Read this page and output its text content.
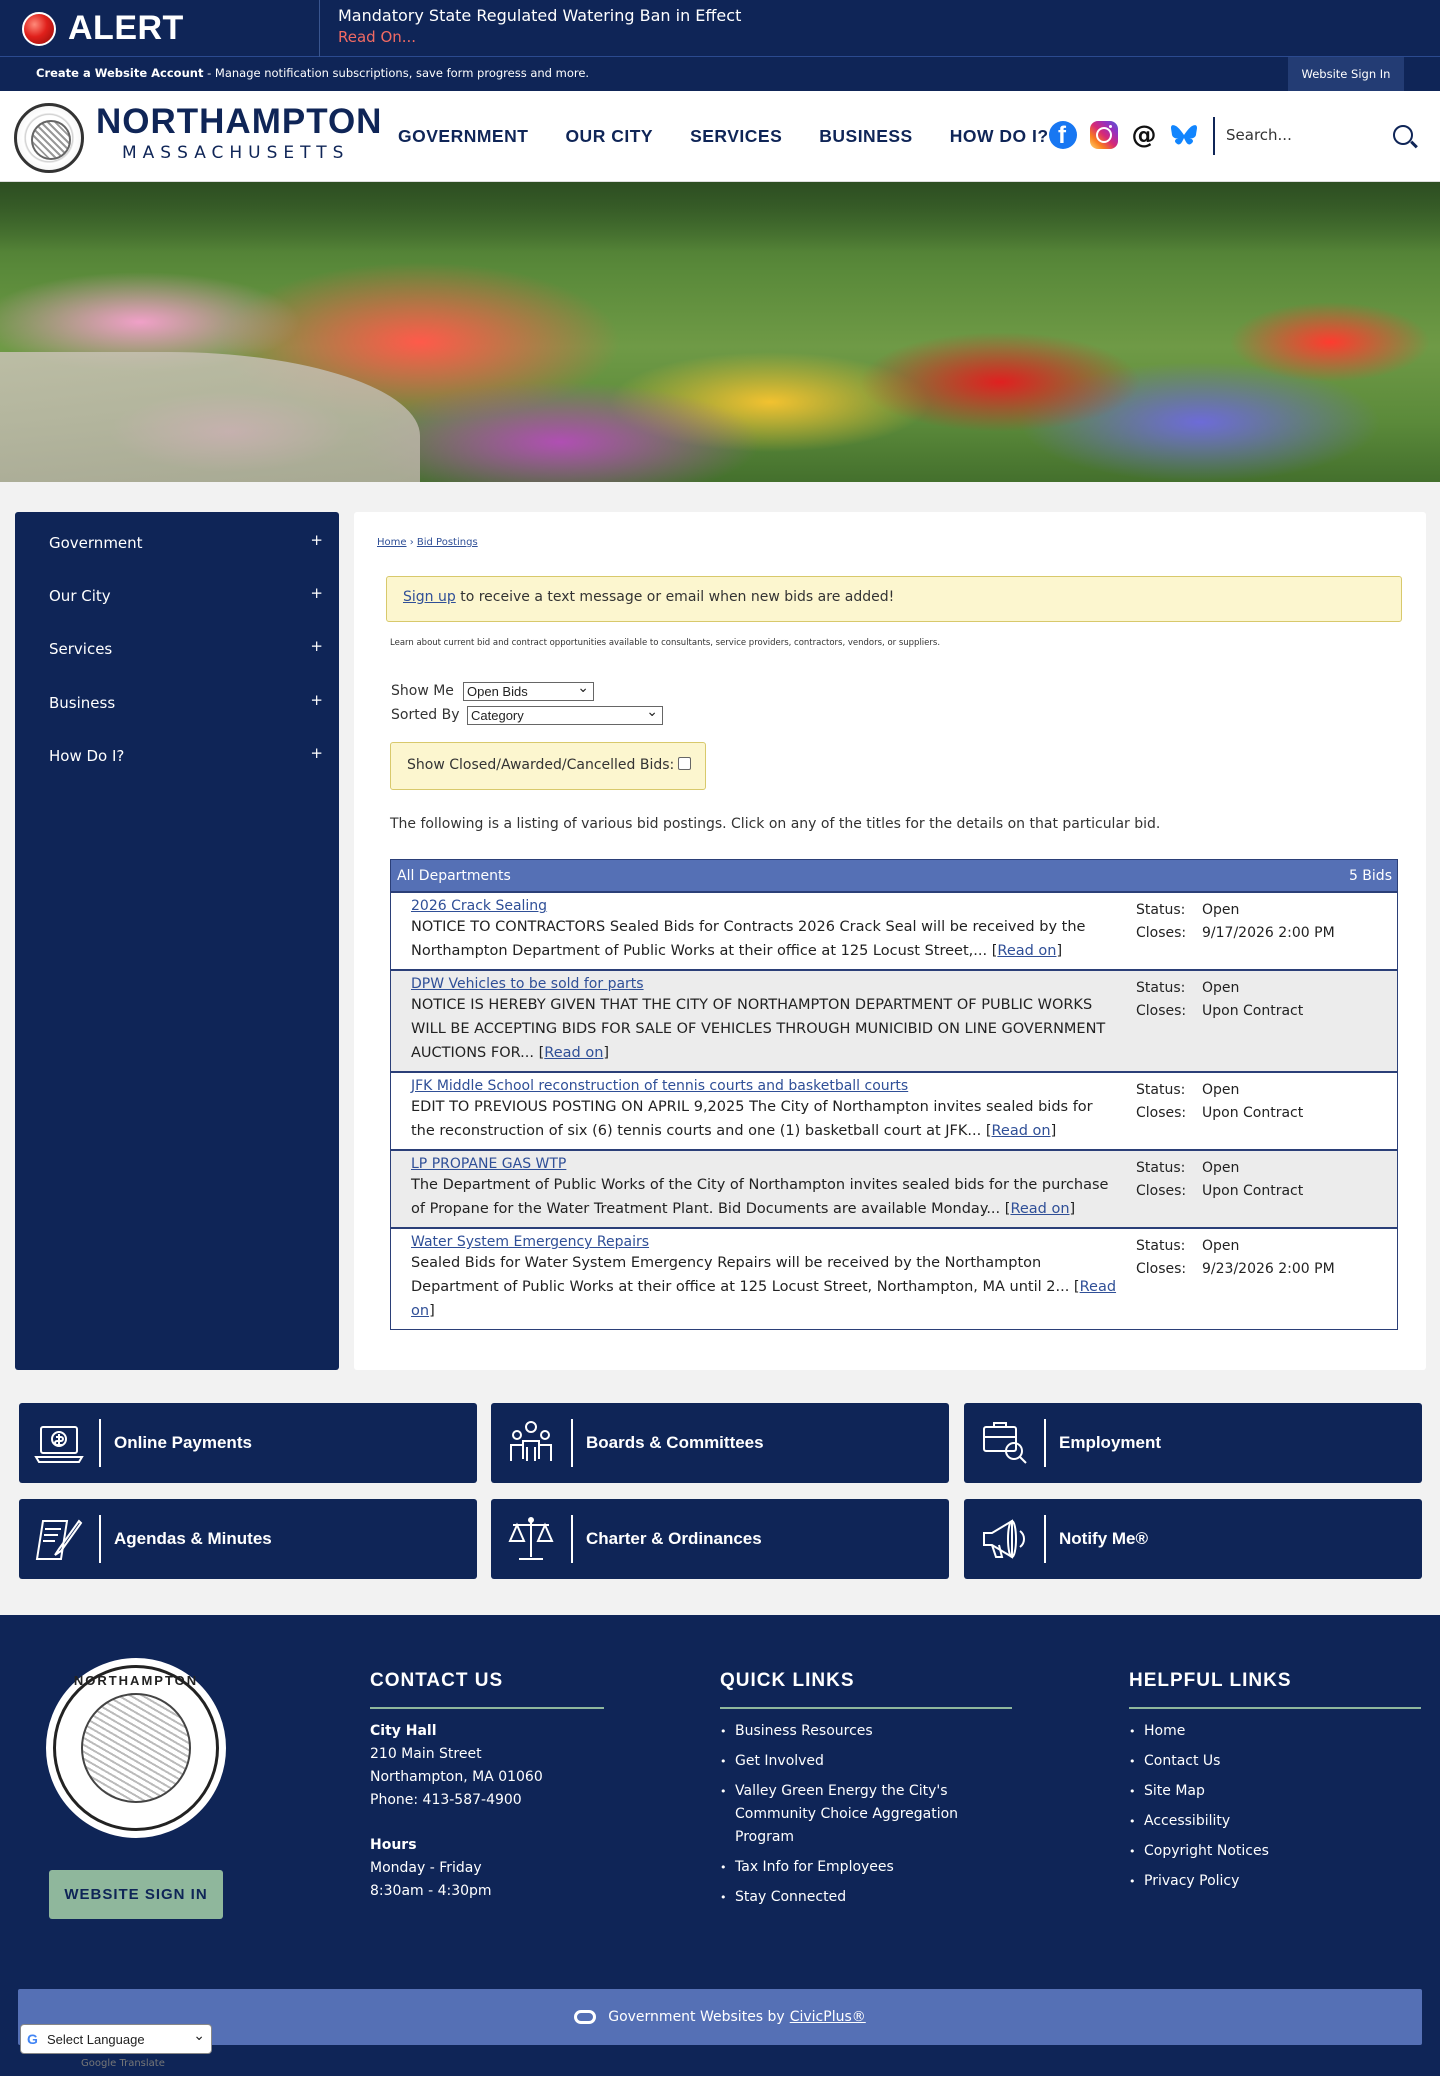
ALERT	Mandatory State Regulated Watering Ban in Effect
Read On...
Create a Website Account - Manage notification subscriptions, save form progress and more.	Website Sign In
NORTHAMPTON
MASSACHUSETTS
GOVERNMENT OUR CITY SERVICES BUSINESS HOW DO I?
f	@
Search...
Government	+
Our City	+
Services	+
Business	+
How Do I?	+
Home › Bid Postings
Sign up to receive a text message or email when new bids are added!
Learn about current bid and contract opportunities available to consultants, service providers, contractors, vendors, or suppliers.
Show Me	Open Bids ⌄
Sorted By Category ⌄
Show Closed/Awarded/Cancelled Bids:
The following is a listing of various bid postings. Click on any of the titles for the details on that particular bid.
All Departments	5 Bids
2026 Crack Sealing
NOTICE TO CONTRACTORS Sealed Bids for Contracts 2026 Crack Seal will be received by the Northampton Department of Public Works at their office at 125 Locust Street,... [Read on]
Status: Open
Closes: 9/17/2026 2:00 PM
DPW Vehicles to be sold for parts
NOTICE IS HEREBY GIVEN THAT THE CITY OF NORTHAMPTON DEPARTMENT OF PUBLIC WORKS WILL BE ACCEPTING BIDS FOR SALE OF VEHICLES THROUGH MUNICIBID ON LINE GOVERNMENT AUCTIONS FOR... [Read on]
Status: Open
Closes: Upon Contract
JFK Middle School reconstruction of tennis courts and basketball courts
EDIT TO PREVIOUS POSTING ON APRIL 9,2025 The City of Northampton invites sealed bids for the reconstruction of six (6) tennis courts and one (1) basketball court at JFK... [Read on]
Status: Open
Closes: Upon Contract
LP PROPANE GAS WTP
The Department of Public Works of the City of Northampton invites sealed bids for the purchase of Propane for the Water Treatment Plant. Bid Documents are available Monday... [Read on]
Status: Open
Closes: Upon Contract
Water System Emergency Repairs
Sealed Bids for Water System Emergency Repairs will be received by the Northampton Department of Public Works at their office at 125 Locust Street, Northampton, MA until 2... [Read on]
Status: Open
Closes: 9/23/2026 2:00 PM
Online Payments	Boards & Committees	Employment
Agendas & Minutes	Charter & Ordinances	Notify Me®
NORTHAMPTON
WEBSITE SIGN IN
CONTACT US
City Hall
210 Main Street
Northampton, MA 01060
Phone: 413-587-4900
Hours
Monday - Friday
8:30am - 4:30pm
QUICK LINKS
• Business Resources
• Get Involved
• Valley Green Energy the City's Community Choice Aggregation Program
• Tax Info for Employees
• Stay Connected
HELPFUL LINKS
• Home
• Contact Us
• Site Map
• Accessibility
• Copyright Notices
• Privacy Policy
Government Websites by CivicPlus®
G Select Language ⌄
Google Translate
